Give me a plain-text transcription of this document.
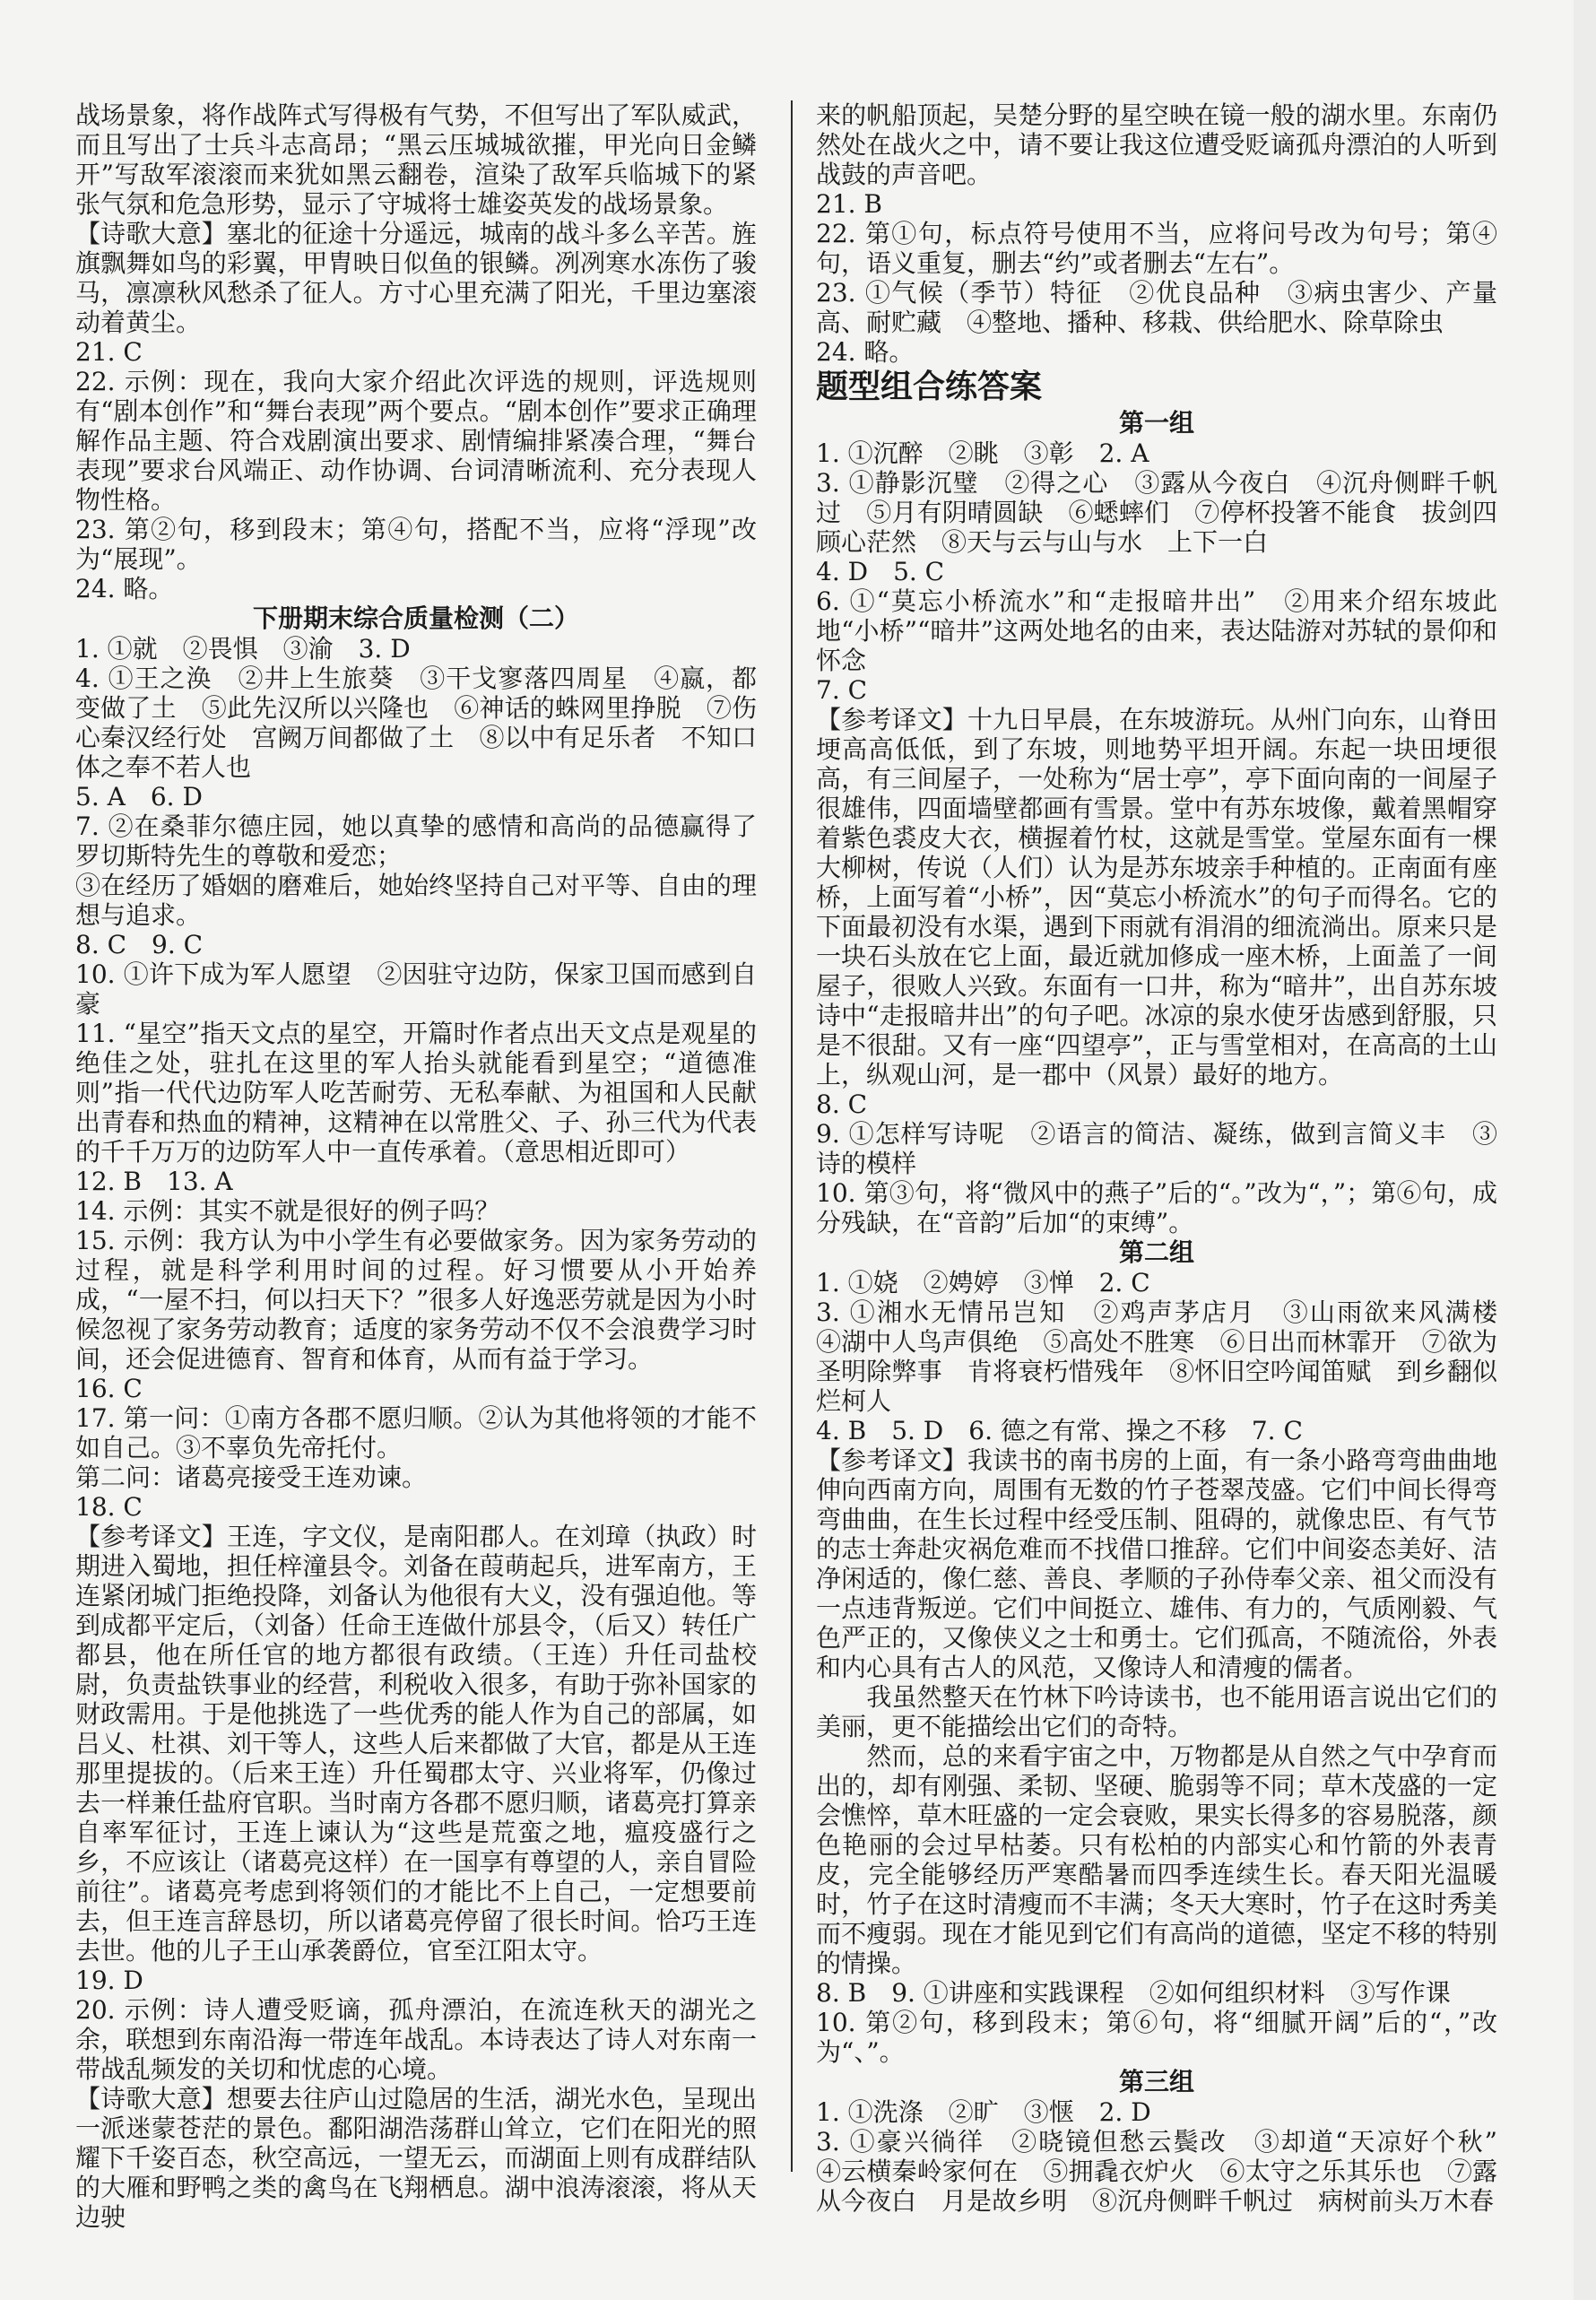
战场景象，将作战阵式写得极有气势，不但写出了军队威武，而且写出了士兵斗志高昂；“黑云压城城欲摧，甲光向日金鳞开”写敌军滚滚而来犹如黑云翻卷，渲染了敌军兵临城下的紧张气氛和危急形势，显示了守城将士雄姿英发的战场景象。
【诗歌大意】塞北的征途十分遥远，城南的战斗多么辛苦。旌旗飘舞如鸟的彩翼，甲胄映日似鱼的银鳞。冽冽寒水冻伤了骏马，凛凛秋风愁杀了征人。方寸心里充满了阳光，千里边塞滚动着黄尘。
21. C
22. 示例：现在，我向大家介绍此次评选的规则，评选规则有“剧本创作”和“舞台表现”两个要点。“剧本创作”要求正确理解作品主题、符合戏剧演出要求、剧情编排紧凑合理，“舞台表现”要求台风端正、动作协调、台词清晰流利、充分表现人物性格。
23. 第②句，移到段末；第④句，搭配不当，应将“浮现”改为“展现”。
24. 略。
下册期末综合质量检测（二）
1. ①就　②畏惧　③渝　3. D
4. ①王之涣　②井上生旅葵　③干戈寥落四周星　④嬴，都变做了土　⑤此先汉所以兴隆也　⑥神话的蛛网里挣脱　⑦伤心秦汉经行处　宫阙万间都做了土　⑧以中有足乐者　不知口体之奉不若人也
5. A　6. D
7. ②在桑菲尔德庄园，她以真挚的感情和高尚的品德赢得了罗切斯特先生的尊敬和爱恋；
③在经历了婚姻的磨难后，她始终坚持自己对平等、自由的理想与追求。
8. C　9. C
10. ①许下成为军人愿望　②因驻守边防，保家卫国而感到自豪
11. “星空”指天文点的星空，开篇时作者点出天文点是观星的绝佳之处，驻扎在这里的军人抬头就能看到星空；“道德准则”指一代代边防军人吃苦耐劳、无私奉献、为祖国和人民献出青春和热血的精神，这精神在以常胜父、子、孙三代为代表的千千万万的边防军人中一直传承着。（意思相近即可）
12. B　13. A
14. 示例：其实不就是很好的例子吗？
15. 示例：我方认为中小学生有必要做家务。因为家务劳动的过程，就是科学利用时间的过程。好习惯要从小开始养成，“一屋不扫，何以扫天下？”很多人好逸恶劳就是因为小时候忽视了家务劳动教育；适度的家务劳动不仅不会浪费学习时间，还会促进德育、智育和体育，从而有益于学习。
16. C
17. 第一问：①南方各郡不愿归顺。②认为其他将领的才能不如自己。③不辜负先帝托付。
第二问：诸葛亮接受王连劝谏。
18. C
【参考译文】王连，字文仪，是南阳郡人。在刘璋（执政）时期进入蜀地，担任梓潼县令。刘备在葭萌起兵，进军南方，王连紧闭城门拒绝投降，刘备认为他很有大义，没有强迫他。等到成都平定后，（刘备）任命王连做什邡县令，（后又）转任广都县，他在所任官的地方都很有政绩。（王连）升任司盐校尉，负责盐铁事业的经营，利税收入很多，有助于弥补国家的财政需用。于是他挑选了一些优秀的能人作为自己的部属，如吕乂、杜祺、刘干等人，这些人后来都做了大官，都是从王连那里提拔的。（后来王连）升任蜀郡太守、兴业将军，仍像过去一样兼任盐府官职。当时南方各郡不愿归顺，诸葛亮打算亲自率军征讨，王连上谏认为“这些是荒蛮之地，瘟疫盛行之乡，不应该让（诸葛亮这样）在一国享有尊望的人，亲自冒险前往”。诸葛亮考虑到将领们的才能比不上自己，一定想要前去，但王连言辞恳切，所以诸葛亮停留了很长时间。恰巧王连去世。他的儿子王山承袭爵位，官至江阳太守。
19. D
20. 示例：诗人遭受贬谪，孤舟漂泊，在流连秋天的湖光之余，联想到东南沿海一带连年战乱。本诗表达了诗人对东南一带战乱频发的关切和忧虑的心境。
【诗歌大意】想要去往庐山过隐居的生活，湖光水色，呈现出一派迷蒙苍茫的景色。鄱阳湖浩荡群山耸立，它们在阳光的照耀下千姿百态，秋空高远，一望无云，而湖面上则有成群结队的大雁和野鸭之类的禽鸟在飞翔栖息。湖中浪涛滚滚，将从天边驶
来的帆船顶起，吴楚分野的星空映在镜一般的湖水里。东南仍然处在战火之中，请不要让我这位遭受贬谪孤舟漂泊的人听到战鼓的声音吧。
21. B
22. 第①句，标点符号使用不当，应将问号改为句号；第④句，语义重复，删去“约”或者删去“左右”。
23. ①气候（季节）特征　②优良品种　③病虫害少、产量高、耐贮藏　④整地、播种、移栽、供给肥水、除草除虫
24. 略。
题型组合练答案
第一组
1. ①沉醉　②眺　③彰　2. A
3. ①静影沉璧　②得之心　③露从今夜白　④沉舟侧畔千帆过　⑤月有阴晴圆缺　⑥蟋蟀们　⑦停杯投箸不能食　拔剑四顾心茫然　⑧天与云与山与水　上下一白
4. D　5. C
6. ①“莫忘小桥流水”和“走报暗井出”　②用来介绍东坡此地“小桥”“暗井”这两处地名的由来，表达陆游对苏轼的景仰和怀念
7. C
【参考译文】十九日早晨，在东坡游玩。从州门向东，山脊田埂高高低低，到了东坡，则地势平坦开阔。东起一块田埂很高，有三间屋子，一处称为“居士亭”，亭下面向南的一间屋子很雄伟，四面墙壁都画有雪景。堂中有苏东坡像，戴着黑帽穿着紫色裘皮大衣，横握着竹杖，这就是雪堂。堂屋东面有一棵大柳树，传说（人们）认为是苏东坡亲手种植的。正南面有座桥，上面写着“小桥”，因“莫忘小桥流水”的句子而得名。它的下面最初没有水渠，遇到下雨就有涓涓的细流淌出。原来只是一块石头放在它上面，最近就加修成一座木桥，上面盖了一间屋子，很败人兴致。东面有一口井，称为“暗井”，出自苏东坡诗中“走报暗井出”的句子吧。冰凉的泉水使牙齿感到舒服，只是不很甜。又有一座“四望亭”，正与雪堂相对，在高高的土山上，纵观山河，是一郡中（风景）最好的地方。
8. C
9. ①怎样写诗呢　②语言的简洁、凝练，做到言简义丰　③诗的模样
10. 第③句，将“微风中的燕子”后的“。”改为“，”；第⑥句，成分残缺，在“音韵”后加“的束缚”。
第二组
1. ①娆　②娉婷　③惮　2. C
3. ①湘水无情吊岂知　②鸡声茅店月　③山雨欲来风满楼　④湖中人鸟声俱绝　⑤高处不胜寒　⑥日出而林霏开　⑦欲为圣明除弊事　肯将衰朽惜残年　⑧怀旧空吟闻笛赋　到乡翻似烂柯人
4. B　5. D　6. 德之有常、操之不移　7. C
【参考译文】我读书的南书房的上面，有一条小路弯弯曲曲地伸向西南方向，周围有无数的竹子苍翠茂盛。它们中间长得弯弯曲曲，在生长过程中经受压制、阻碍的，就像忠臣、有气节的志士奔赴灾祸危难而不找借口推辞。它们中间姿态美好、洁净闲适的，像仁慈、善良、孝顺的子孙侍奉父亲、祖父而没有一点违背叛逆。它们中间挺立、雄伟、有力的，气质刚毅、气色严正的，又像侠义之士和勇士。它们孤高，不随流俗，外表和内心具有古人的风范，又像诗人和清瘦的儒者。
　　我虽然整天在竹林下吟诗读书，也不能用语言说出它们的美丽，更不能描绘出它们的奇特。
　　然而，总的来看宇宙之中，万物都是从自然之气中孕育而出的，却有刚强、柔韧、坚硬、脆弱等不同；草木茂盛的一定会憔悴，草木旺盛的一定会衰败，果实长得多的容易脱落，颜色艳丽的会过早枯萎。只有松柏的内部实心和竹箭的外表青皮，完全能够经历严寒酷暑而四季连续生长。春天阳光温暖时，竹子在这时清瘦而不丰满；冬天大寒时，竹子在这时秀美而不瘦弱。现在才能见到它们有高尚的道德，坚定不移的特别的情操。
8. B　9. ①讲座和实践课程　②如何组织材料　③写作课
10. 第②句，移到段末；第⑥句，将“细腻开阔”后的“，”改为“、”。
第三组
1. ①洗涤　②旷　③惬　2. D
3. ①豪兴徜徉　②晓镜但愁云鬓改　③却道“天凉好个秋”　④云横秦岭家何在　⑤拥毳衣炉火　⑥太守之乐其乐也　⑦露从今夜白　月是故乡明　⑧沉舟侧畔千帆过　病树前头万木春
